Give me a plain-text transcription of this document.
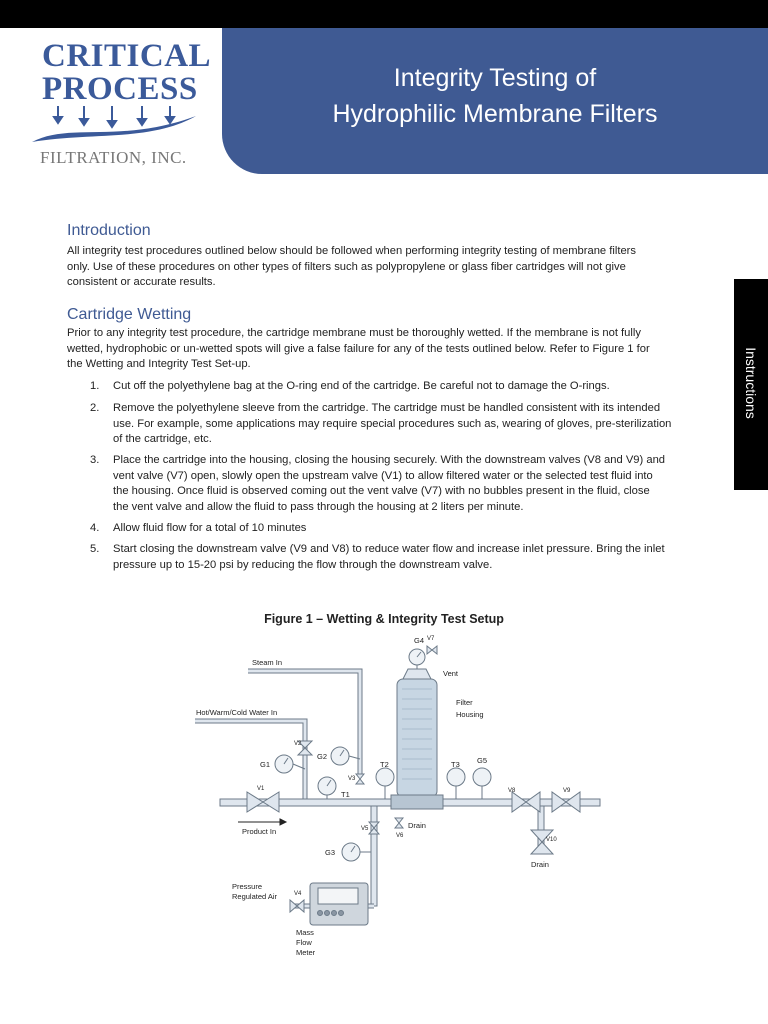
CRITICAL
PROCESS
FILTRATION, INC.
Integrity Testing of
Hydrophilic Membrane Filters
Instructions
Introduction
All integrity test procedures outlined below should be followed when performing integrity testing of membrane filters
only. Use of these procedures on other types of filters such as polypropylene or glass fiber cartridges will not give
consistent or accurate results.
Cartridge Wetting
Prior to any integrity test procedure, the cartridge membrane must be thoroughly wetted. If the membrane is not fully
wetted, hydrophobic or un-wetted spots will give a false failure for any of the tests outlined below. Refer to Figure 1 for
the Wetting and Integrity Test Set-up.
1.	Cut off the polyethylene bag at the O-ring end of the cartridge. Be careful not to damage the O-rings.
2.	Remove the polyethylene sleeve from the cartridge. The cartridge must be handled consistent with its intended
use. For example, some applications may require special procedures such as, wearing of gloves, pre-sterilization
of the cartridge, etc.
3.	Place the cartridge into the housing, closing the housing securely. With the downstream valves (V8 and V9) and
vent valve (V7) open, slowly open the upstream valve (V1) to allow filtered water or the selected test fluid into
the housing. Once fluid is observed coming out the vent valve (V7) with no bubbles present in the fluid, close
the vent valve and allow the fluid to pass through the housing at 2 liters per minute.
4.	Allow fluid flow for a total of 10 minutes
5.	Start closing the downstream valve (V9 and V8) to reduce water flow and increase inlet pressure. Bring the inlet
pressure up to 15-20 psi by reducing the flow through the downstream valve.
Figure 1 – Wetting & Integrity Test Setup
G4 V7
Vent
Steam In
Filter
Housing
Hot/Warm/Cold Water In
V2
G1
G2
V3
T1
T2	T3 G5
V1
Product In
V8	V9
V5	Drain
V6
V10
Drain
G3
Pressure
Regulated Air	V4
Mass
Flow
Meter
